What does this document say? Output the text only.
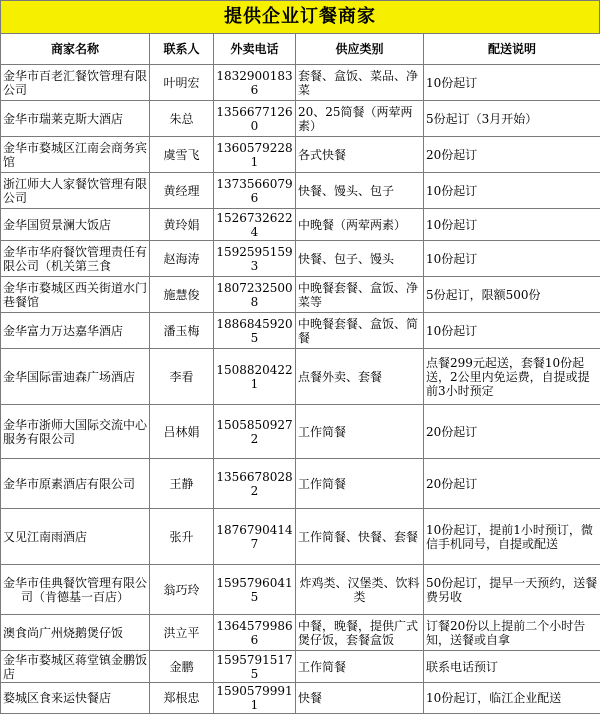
提供企业订餐商家
商家名称	联系人	外卖电话	供应类别	配送说明
金华市百老汇餐饮管理有限公司	叶明宏	18329001836	套餐、盒饭、菜品、净菜	10份起订
金华市瑞莱克斯大酒店	朱总	13566771260	20、25简餐（两荤两素）	5份起订（3月开始）
金华市婺城区江南会商务宾馆	虞雪飞	13605792281	各式快餐	20份起订
浙江师大人家餐饮管理有限公司	黄经理	13735660796	快餐、馒头、包子	10份起订
金华国贸景澜大饭店	黄玲娟	15267326224	中晚餐（两荤两素）	10份起订

金华市华府餐饮管理责任有限公司（机关第三食	赵海涛	15925951593	快餐、包子、馒头	10份起订
金华市婺城区西关街道水门巷餐馆	施慧俊	18072325008	中晚餐套餐、盒饭、净菜等	5份起订，限额500份
金华富力万达嘉华酒店	潘玉梅	18868459205	中晚餐套餐、盒饭、简餐	10份起订
金华国际雷迪森广场酒店	李看	15088204221	点餐外卖、套餐	点餐299元起送，套餐10份起送，2公里内免运费，自提或提前3小时预定
金华市浙师大国际交流中心服务有限公司	吕林娟	15058509272	工作简餐	20份起订
金华市原素酒店有限公司	王静	13566780282	工作简餐	20份起订
又见江南雨酒店	张升	18767904147	工作简餐、快餐、套餐	10份起订，提前1小时预订，微信手机同号，自提或配送
金华市佳典餐饮管理有限公司（肯德基一百店）	翁巧玲	15957960415	炸鸡类、汉堡类、饮料类	50份起订，提早一天预约，送餐费另收
澳食尚广州烧鹅煲仔饭	洪立平	13645799866	中餐，晚餐，提供广式煲仔饭，套餐盒饭	订餐20份以上提前二个小时告知，送餐或自拿
金华市婺城区蒋堂镇金鹏饭店	金鹏	15957915175	工作简餐	联系电话预订
婺城区食来运快餐店	郑根忠	15905799911	快餐	10份起订，临江企业配送
